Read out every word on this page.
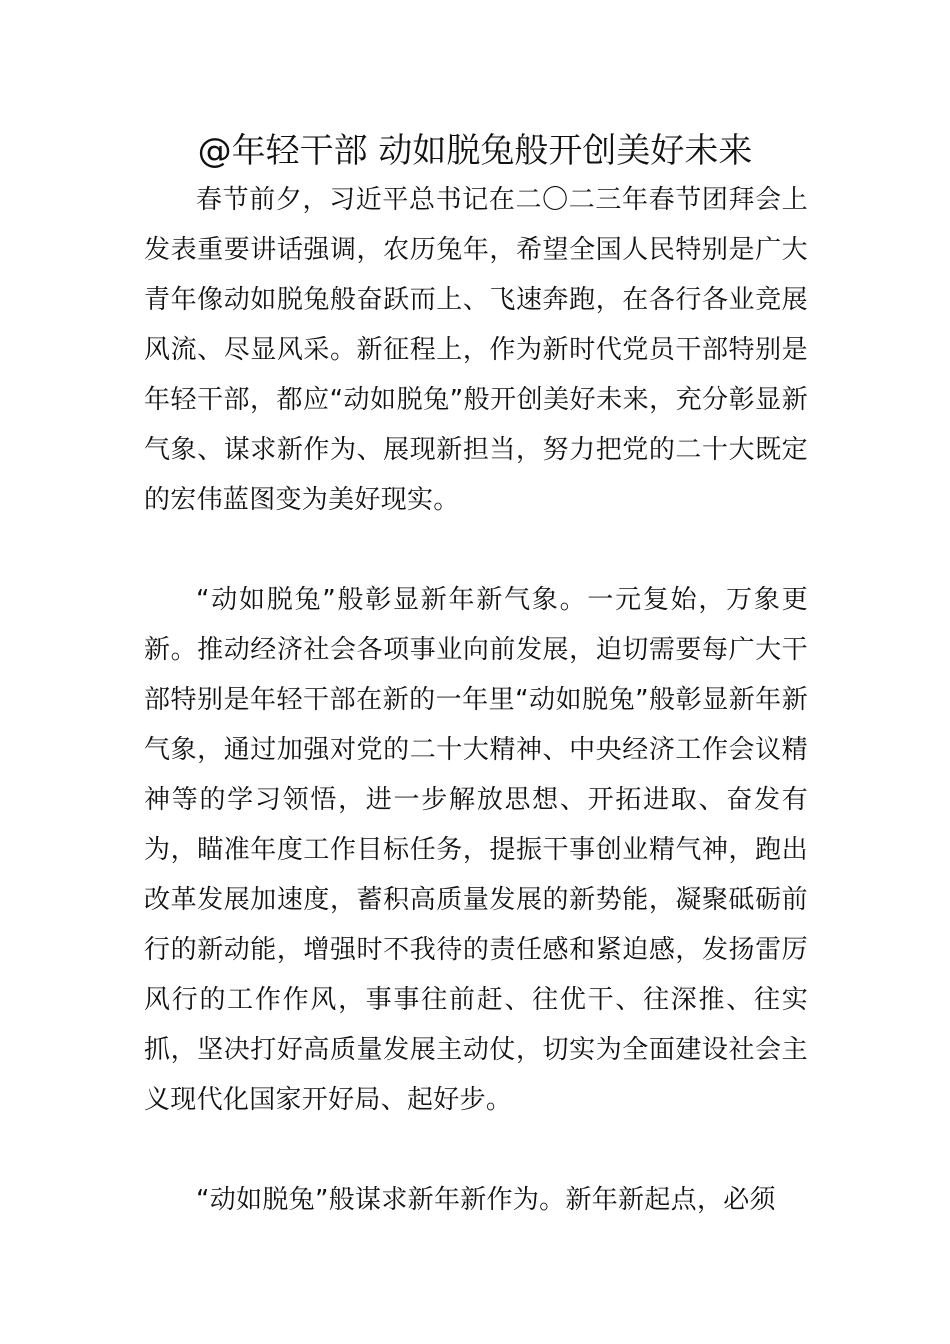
@年轻干部 动如脱兔般开创美好未来

春节前夕，习近平总书记在二〇二三年春节团拜会上发表重要讲话强调，农历兔年，希望全国人民特别是广大青年像动如脱兔般奋跃而上、飞速奔跑，在各行各业竞展风流、尽显风采。新征程上，作为新时代党员干部特别是年轻干部，都应“动如脱兔”般开创美好未来，充分彰显新气象、谋求新作为、展现新担当，努力把党的二十大既定的宏伟蓝图变为美好现实。

“动如脱兔”般彰显新年新气象。一元复始，万象更新。推动经济社会各项事业向前发展，迫切需要每广大干部特别是年轻干部在新的一年里“动如脱兔”般彰显新年新气象，通过加强对党的二十大精神、中央经济工作会议精神等的学习领悟，进一步解放思想、开拓进取、奋发有为，瞄准年度工作目标任务，提振干事创业精气神，跑出改革发展加速度，蓄积高质量发展的新势能，凝聚砥砺前行的新动能，增强时不我待的责任感和紧迫感，发扬雷厉风行的工作作风，事事往前赶、往优干、往深推、往实抓，坚决打好高质量发展主动仗，切实为全面建设社会主义现代化国家开好局、起好步。

“动如脱兔”般谋求新年新作为。新年新起点，必须
